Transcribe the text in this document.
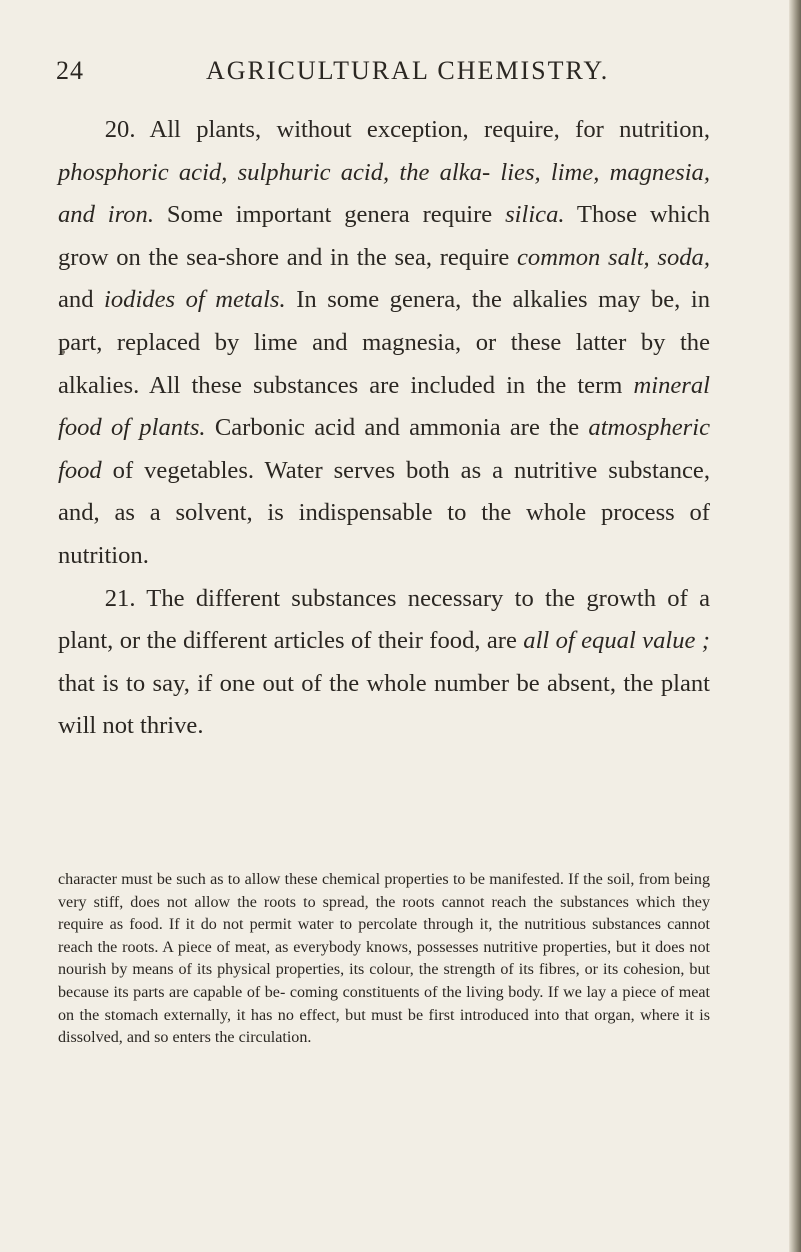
24	AGRICULTURAL CHEMISTRY.

20. All plants, without exception, require, for nutrition, phosphoric acid, sulphuric acid, the alka- lies, lime, magnesia, and iron. Some important genera require silica. Those which grow on the sea-shore and in the sea, require common salt, soda, and iodides of metals. In some genera, the alkalies may be, in part, replaced by lime and magnesia, or these latter by the alkalies. All these substances are included in the term mineral food of plants. Carbonic acid and ammonia are the atmospheric food of vegetables. Water serves both as a nutritive substance, and, as a solvent, is indispensable to the whole process of nutrition.

21. The different substances necessary to the growth of a plant, or the different articles of their food, are all of equal value ; that is to say, if one out of the whole number be absent, the plant will not thrive.

character must be such as to allow these chemical properties to be manifested. If the soil, from being very stiff, does not allow the roots to spread, the roots cannot reach the substances which they require as food. If it do not permit water to percolate through it, the nutritious substances cannot reach the roots. A piece of meat, as everybody knows, possesses nutritive properties, but it does not nourish by means of its physical properties, its colour, the strength of its fibres, or its cohesion, but because its parts are capable of be- coming constituents of the living body. If we lay a piece of meat on the stomach externally, it has no effect, but must be first introduced into that organ, where it is dissolved, and so enters the circulation.
